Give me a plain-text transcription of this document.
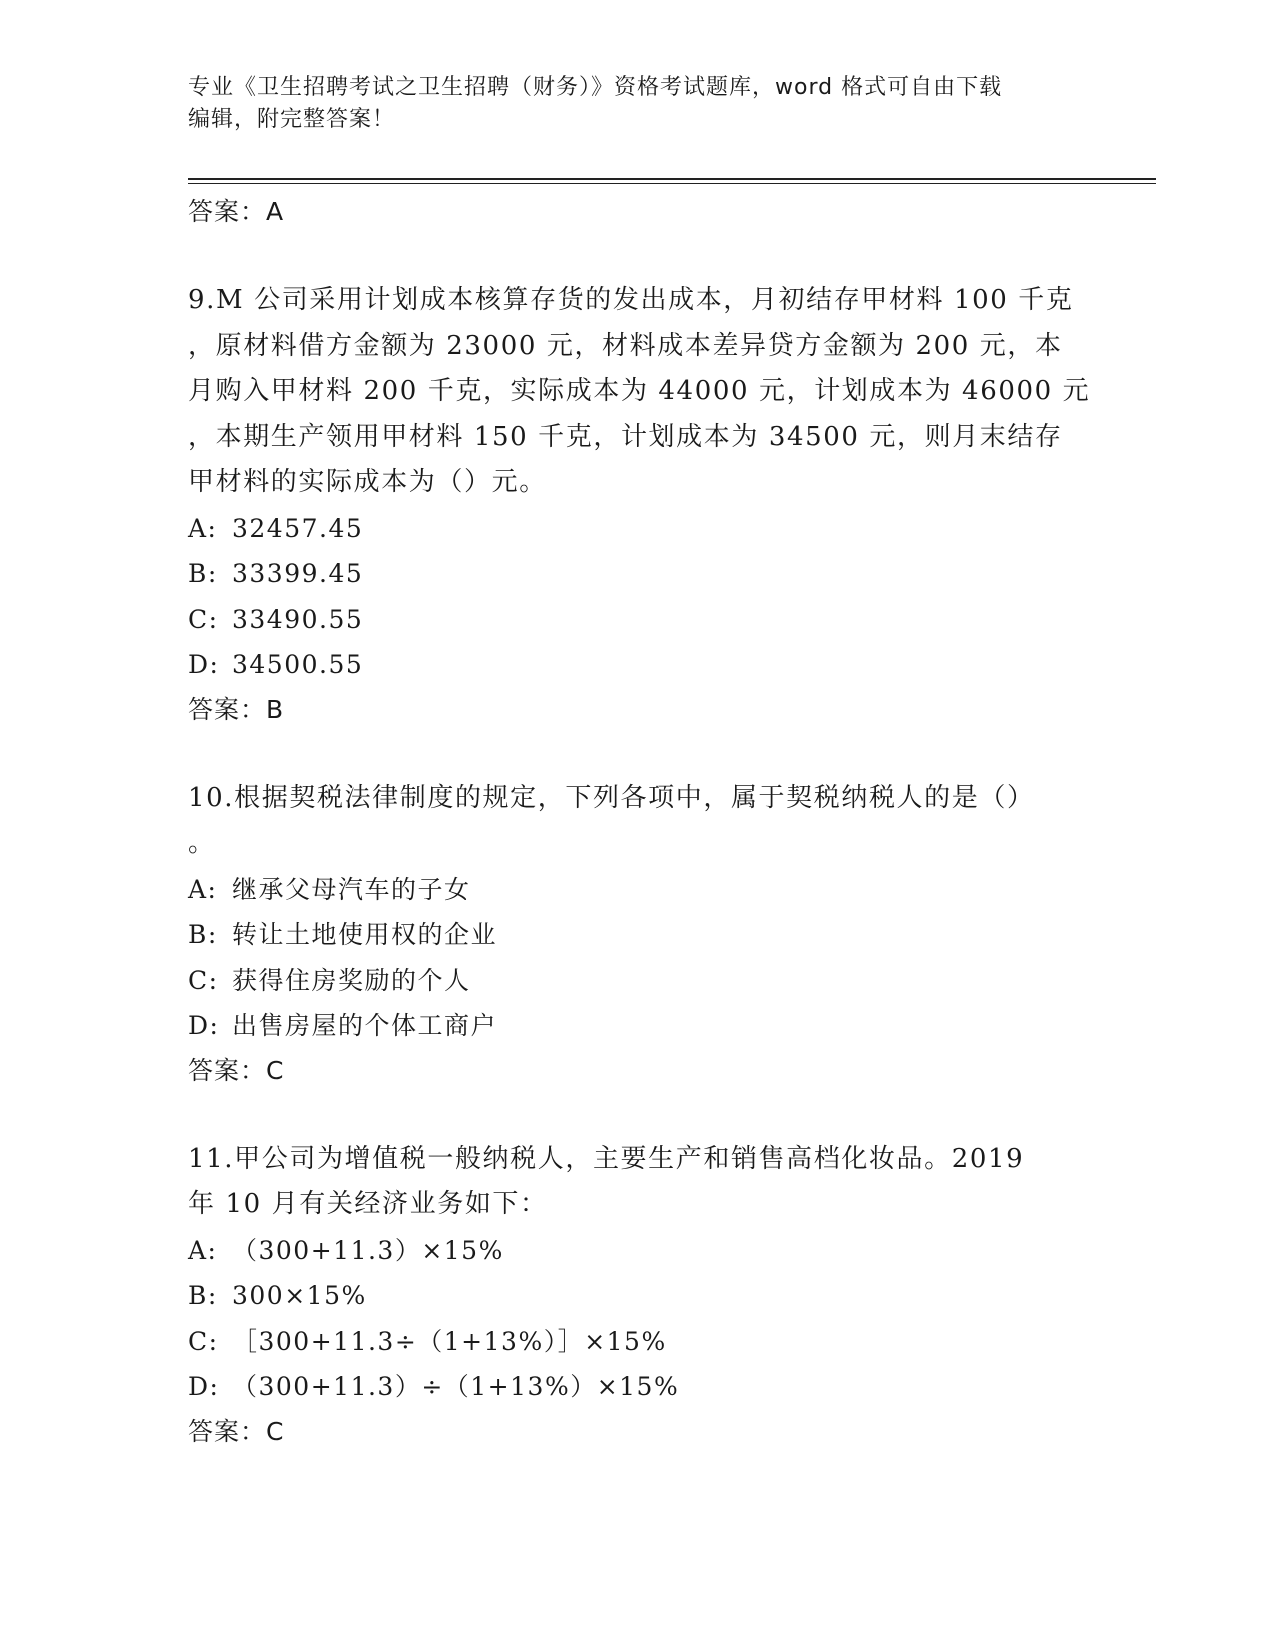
专业《卫生招聘考试之卫生招聘（财务）》资格考试题库，word 格式可自由下载
编辑，附完整答案！
答案：A
9.M 公司采用计划成本核算存货的发出成本，月初结存甲材料 100 千克
，原材料借方金额为 23000 元，材料成本差异贷方金额为 200 元，本
月购入甲材料 200 千克，实际成本为 44000 元，计划成本为 46000 元
，本期生产领用甲材料 150 千克，计划成本为 34500 元，则月末结存
甲材料的实际成本为（）元。
A: 32457.45
B: 33399.45
C: 33490.55
D: 34500.55
答案：B
10.根据契税法律制度的规定，下列各项中，属于契税纳税人的是（）
。
A: 继承父母汽车的子女
B: 转让土地使用权的企业
C: 获得住房奖励的个人
D: 出售房屋的个体工商户
答案：C
11.甲公司为增值税一般纳税人，主要生产和销售高档化妆品。2019
年 10 月有关经济业务如下：
A: （300+11.3）×15%
B: 300×15%
C: ［300+11.3÷（1+13%）］×15%
D: （300+11.3）÷（1+13%）×15%
答案：C
